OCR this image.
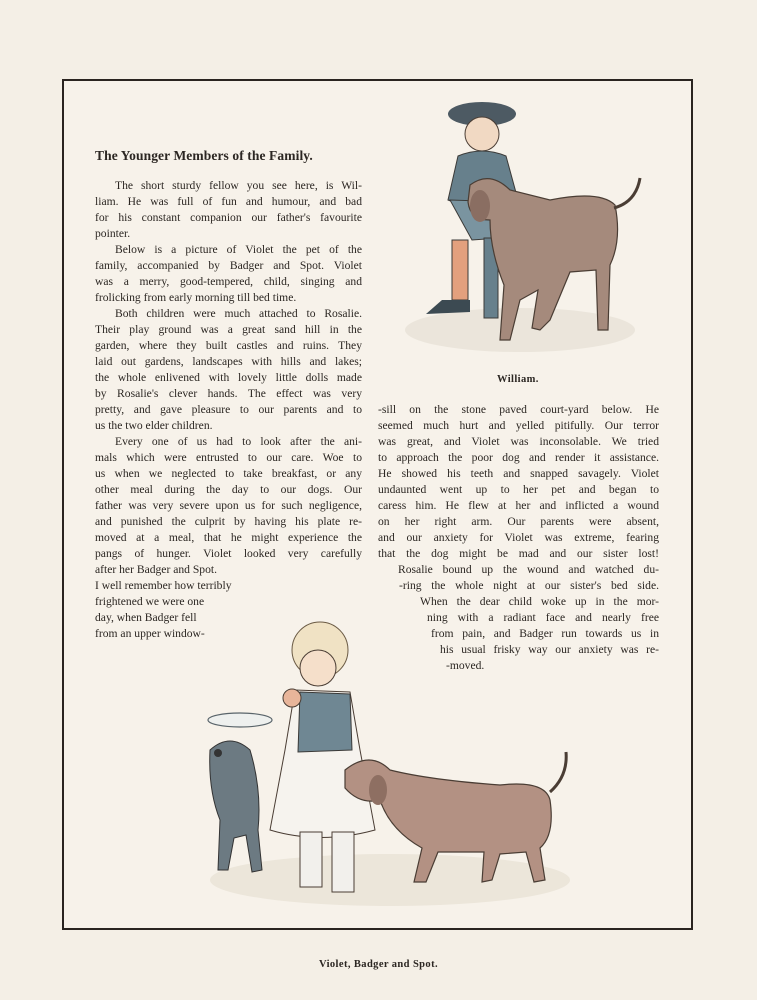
The Younger Members of the Family.
The short sturdy fellow you see here, is Wil-
liam. He was full of fun and humour, and bad
for his constant companion our father's favourite
pointer.
Below is a picture of Violet the pet of the
family, accompanied by Badger and Spot. Violet
was a merry, good-tempered, child, singing and
frolicking from early morning till bed time.
Both children were much attached to Rosalie.
Their play ground was a great sand hill in the
garden, where they built castles and ruins. They
laid out gardens, landscapes with hills and lakes;
the whole enlivened with lovely little dolls made
by Rosalie's clever hands. The effect was very
pretty, and gave pleasure to our parents and to
us the two elder children.
Every one of us had to look after the ani-
mals which were entrusted to our care. Woe to
us when we neglected to take breakfast, or any
other meal during the day to our dogs. Our
father was very severe upon us for such negligence,
and punished the culprit by having his plate re-
moved at a meal, that he might experience the
pangs of hunger. Violet looked very carefully
after her Badger and Spot.
I well remember how terribly
frightened we were one
day, when Badger fell
from an upper window-
-sill on the stone paved court-yard below. He
seemed much hurt and yelled pitifully. Our terror
was great, and Violet was inconsolable. We tried
to approach the poor dog and render it assistance.
He showed his teeth and snapped savagely. Violet
undaunted went up to her pet and began to
caress him. He flew at her and inflicted a wound
on her right arm. Our parents were absent,
and our anxiety for Violet was extreme, fearing
that the dog might be mad and our sister lost!
Rosalie bound up the wound and watched du-
-ring the whole night at our sister's bed side.
When the dear child woke up in the mor-
ning with a radiant face and nearly free
from pain, and Badger run towards us in
his usual frisky way our anxiety was re-
-moved.
William.
Violet, Badger and Spot.
